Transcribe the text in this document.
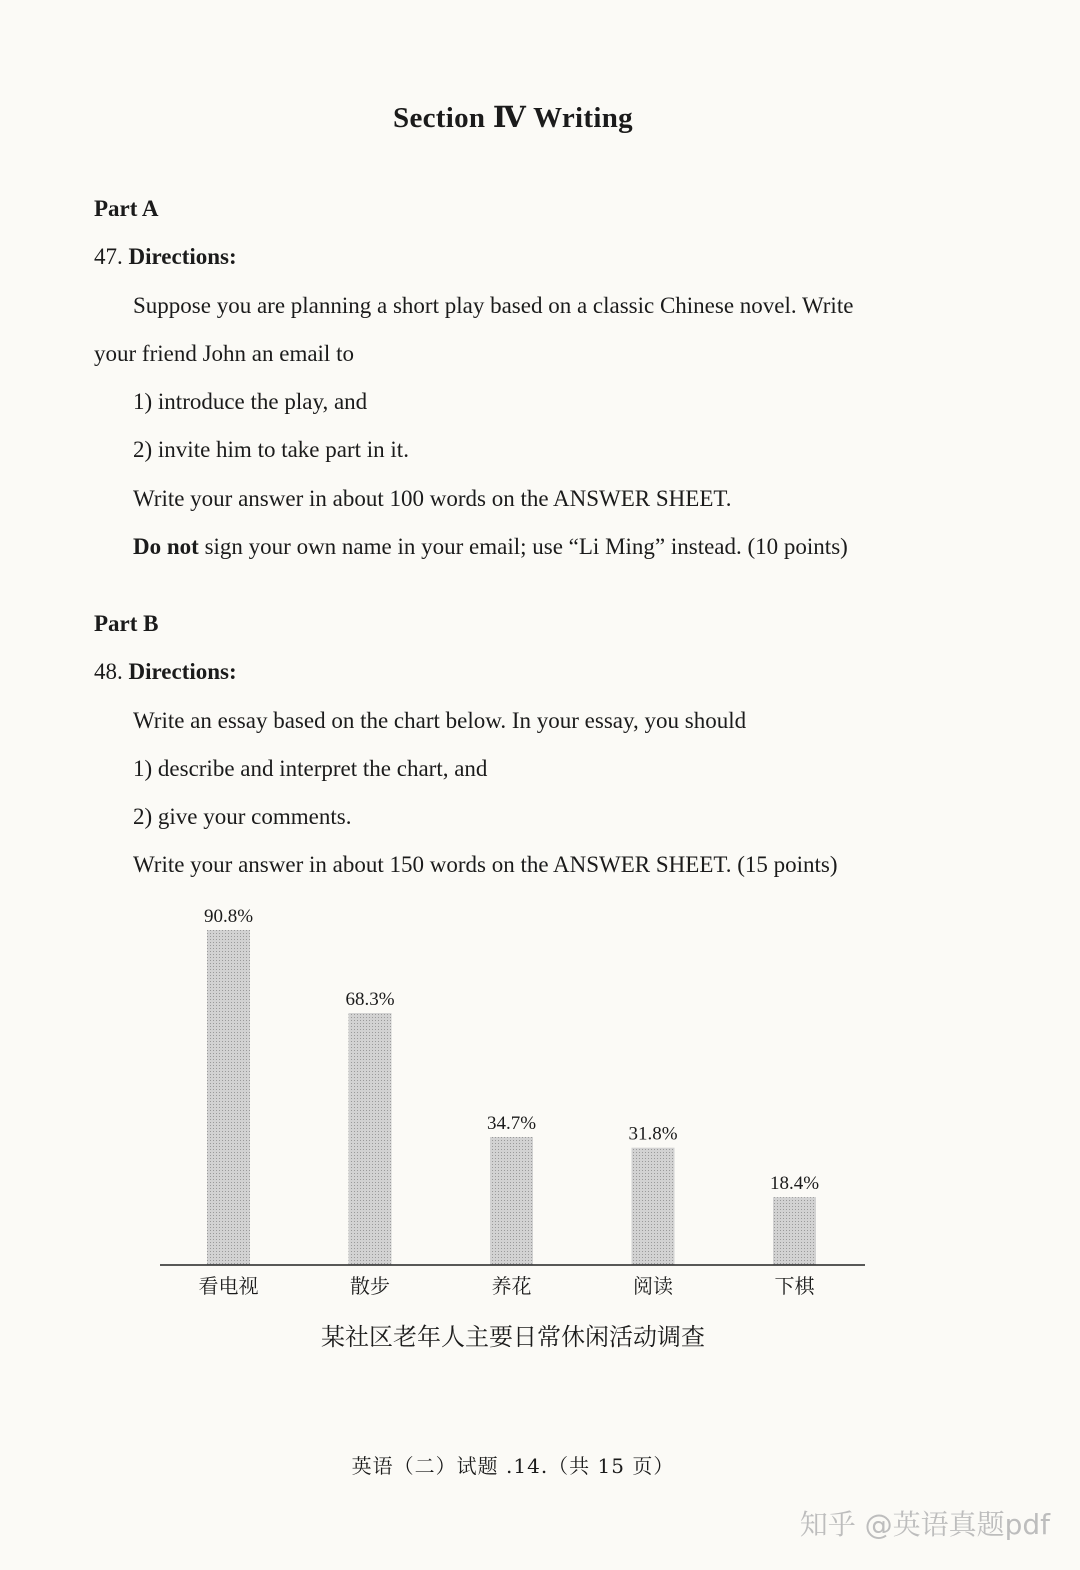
Section Ⅳ Writing
Part A
47. Directions:
Suppose you are planning a short play based on a classic Chinese novel. Write
your friend John an email to
1) introduce the play, and
2) invite him to take part in it.
Write your answer in about 100 words on the ANSWER SHEET.
Do not sign your own name in your email; use “Li Ming” instead. (10 points)
Part B
48. Directions:
Write an essay based on the chart below. In your essay, you should
1) describe and interpret the chart, and
2) give your comments.
Write your answer in about 150 words on the ANSWER SHEET. (15 points)
90.8%
看电视
68.3%
散步
34.7%
养花
31.8%
阅读
18.4%
下棋
某社区老年人主要日常休闲活动调查
英语（二）试题 .14.（共 15 页）
知乎 @英语真题pdf
